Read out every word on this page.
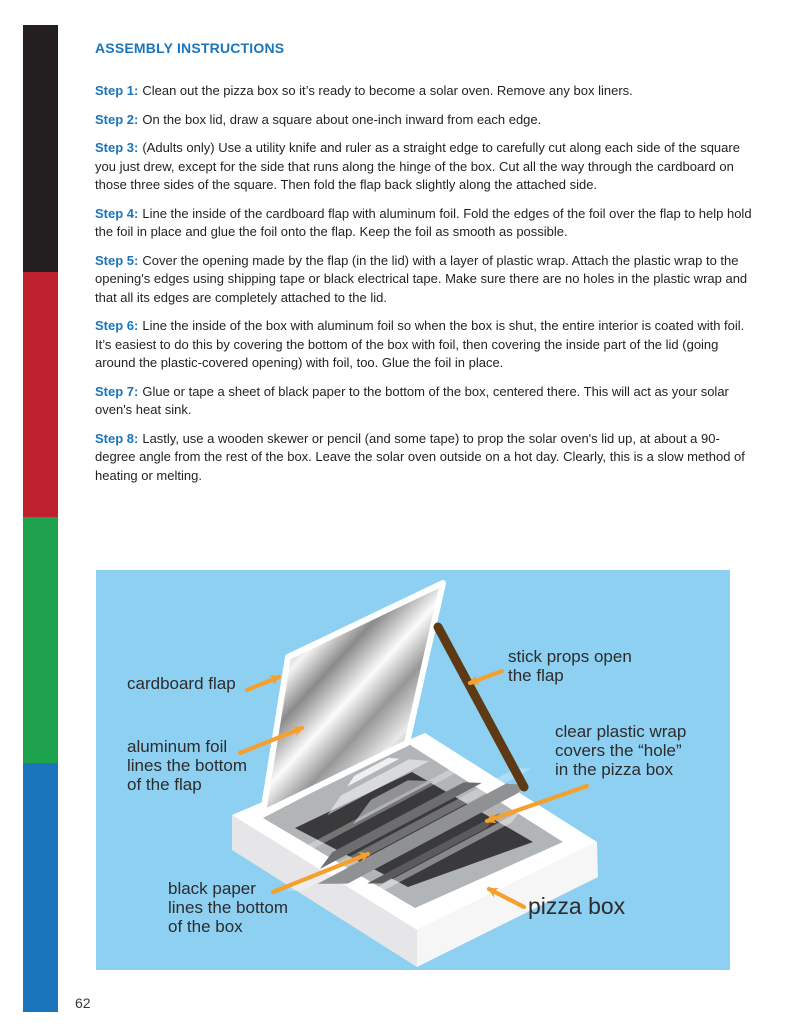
ASSEMBLY INSTRUCTIONS

Step 1: Clean out the pizza box so it’s ready to become a solar oven. Remove any box liners.

Step 2: On the box lid, draw a square about one-inch inward from each edge.

Step 3: (Adults only) Use a utility knife and ruler as a straight edge to carefully cut along each side of the square you just drew, except for the side that runs along the hinge of the box. Cut all the way through the cardboard on those three sides of the square. Then fold the flap back slightly along the attached side.

Step 4: Line the inside of the cardboard flap with aluminum foil. Fold the edges of the foil over the flap to help hold the foil in place and glue the foil onto the flap. Keep the foil as smooth as possible.

Step 5: Cover the opening made by the flap (in the lid) with a layer of plastic wrap. Attach the plastic wrap to the opening's edges using shipping tape or black electrical tape. Make sure there are no holes in the plastic wrap and that all its edges are completely attached to the lid.

Step 6: Line the inside of the box with aluminum foil so when the box is shut, the entire interior is coated with foil. It’s easiest to do this by covering the bottom of the box with foil, then covering the inside part of the lid (going around the plastic-covered opening) with foil, too. Glue the foil in place.

Step 7: Glue or tape a sheet of black paper to the bottom of the box, centered there. This will act as your solar oven's heat sink.

Step 8: Lastly, use a wooden skewer or pencil (and some tape) to prop the solar oven's lid up, at about a 90-degree angle from the rest of the box. Leave the solar oven outside on a hot day. Clearly, this is a slow method of heating or melting.

cardboard flap
aluminum foil
lines the bottom
of the flap
stick props open
the flap
clear plastic wrap
covers the “hole”
in the pizza box
black paper
lines the bottom
of the box
pizza box
62
